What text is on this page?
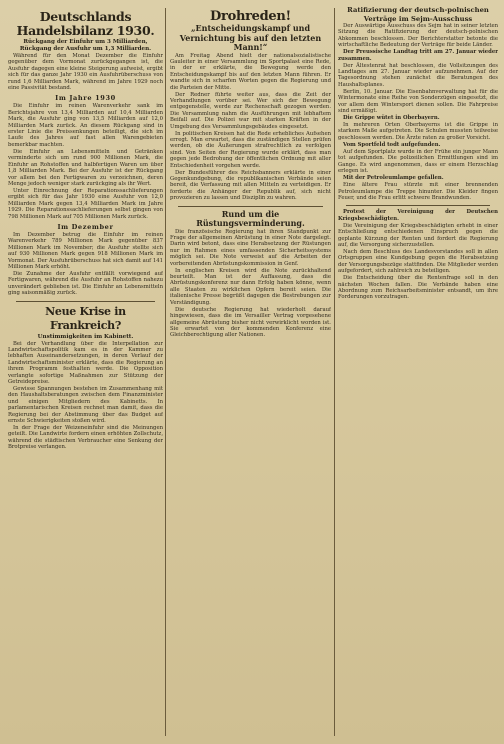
Deutschlands Handelsbilanz 1930.
Rückgang der Einfuhr um 3 Milliarden, Rückgang der Ausfuhr um 1,3 Milliarden.

Während für den Monat Dezember die Einfuhr gegenüber dem Vormonat zurückgegangen ist, die Ausfuhr dagegen eine kleine Steigerung aufweist, ergibt sich für das ganze Jahr 1930 ein Ausfuhrüberschuss von rund 1,6 Milliarden Mark, während im Jahre 1929 noch eine Passivität bestand.

Im Jahre 1930

Die Einfuhr im reinen Warenverkehr sank im Berichtsjahre von 13,4 Milliarden auf 10,4 Milliarden Mark, die Ausfuhr ging von 13,5 Milliarden auf 12,0 Milliarden Mark zurück. An diesem Rückgang sind in erster Linie die Preissenkungen beteiligt, die sich im Laufe des Jahres auf fast allen Warengebieten bemerkbar machten.

Die Einfuhr an Lebensmitteln und Getränken verminderte sich um rund 900 Millionen Mark, die Einfuhr an Rohstoffen und halbfertigen Waren um über 1,8 Milliarden Mark. Bei der Ausfuhr ist der Rückgang vor allem bei den Fertigwaren zu verzeichnen, deren Menge jedoch weniger stark zurückging als ihr Wert.

Unter Einrechnung der Reparationssachlieferungen ergibt sich für das Jahr 1930 eine Ausfuhr von 12,0 Milliarden Mark gegen 13,4 Milliarden Mark im Jahre 1929. Die Reparationssachlieferungen selbst gingen von 798 Millionen Mark auf 705 Millionen Mark zurück.

Im Dezember

Im Dezember betrug die Einfuhr im reinen Warenverkehr 789 Millionen Mark gegenüber 837 Millionen Mark im November; die Ausfuhr stellte sich auf 930 Millionen Mark gegen 918 Millionen Mark im Vormonat. Der Ausfuhrüberschuss hat sich damit auf 141 Millionen Mark erhöht.

Die Zunahme der Ausfuhr entfällt vorwiegend auf Fertigwaren, während die Ausfuhr an Rohstoffen nahezu unverändert geblieben ist. Die Einfuhr an Lebensmitteln ging saisonmäßig zurück.

Neue Krise in Frankreich?
Unstimmigkeiten im Kabinett.

Bei der Verhandlung über die Interpellation zur Landwirtschaftspolitik kam es in der Kammer zu lebhaften Auseinandersetzungen, in deren Verlauf der Landwirtschaftsminister erklärte, dass die Regierung an ihrem Programm festhalten werde. Die Opposition verlangte sofortige Maßnahmen zur Stützung der Getreidepreise.

Gewisse Spannungen bestehen im Zusammenhang mit den Haushaltsberatungen zwischen dem Finanzminister und einigen Mitgliedern des Kabinetts. In parlamentarischen Kreisen rechnet man damit, dass die Regierung bei der Abstimmung über das Budget auf ernste Schwierigkeiten stoßen wird.

In der Frage der Weizeneinfuhr sind die Meinungen geteilt. Die Landwirte fordern einen erhöhten Zollschutz, während die städtischen Verbraucher eine Senkung der Brotpreise verlangen.

Drohreden!
„Entscheidungskampf und Vernichtung bis auf den letzten Mann!“

Am Freitag Abend hielt der nationalsozialistische Gauleiter in einer Versammlung im Sportpalast eine Rede, in der er erklärte, die Bewegung werde den Entscheidungskampf bis auf den letzten Mann führen. Er wandte sich in scharfen Worten gegen die Regierung und die Parteien der Mitte.

Der Redner führte weiter aus, dass die Zeit der Verhandlungen vorüber sei. Wer sich der Bewegung entgegenstelle, werde zur Rechenschaft gezogen werden. Die Versammlung nahm die Ausführungen mit lebhaftem Beifall auf. Die Polizei war mit starken Kräften in der Umgebung des Versammlungsgebäudes eingesetzt.

In politischen Kreisen hat die Rede erhebliches Aufsehen erregt. Man erwartet, dass die zuständigen Stellen prüfen werden, ob die Äußerungen strafrechtlich zu verfolgen sind. Von Seiten der Regierung wurde erklärt, dass man gegen jede Bedrohung der öffentlichen Ordnung mit aller Entschiedenheit vorgehen werde.

Der Bundesführer des Reichsbanners erklärte in einer Gegenkundgebung, die republikanischen Verbände seien bereit, die Verfassung mit allen Mitteln zu verteidigen. Er forderte die Anhänger der Republik auf, sich nicht provozieren zu lassen und Disziplin zu wahren.

Rund um die Rüstungsverminderung.

Die französische Regierung hat ihren Standpunkt zur Frage der allgemeinen Abrüstung in einer Note dargelegt. Darin wird betont, dass eine Herabsetzung der Rüstungen nur im Rahmen eines umfassenden Sicherheitssystems möglich sei. Die Note verweist auf die Arbeiten der vorbereitenden Abrüstungskommission in Genf.

In englischen Kreisen wird die Note zurückhaltend beurteilt. Man ist der Auffassung, dass die Abrüstungskonferenz nur dann Erfolg haben könne, wenn alle Staaten zu wirklichen Opfern bereit seien. Die italienische Presse begrüßt dagegen die Bestrebungen zur Verständigung.

Die deutsche Regierung hat wiederholt darauf hingewiesen, dass die im Versailler Vertrag vorgesehene allgemeine Abrüstung bisher nicht verwirklicht worden ist. Sie erwartet von der kommenden Konferenz eine Gleichberechtigung aller Nationen.

Ratifizierung der deutsch-polnischen Verträge im Sejm-Ausschuss

Der Auswärtige Ausschuss des Sejm hat in seiner letzten Sitzung die Ratifizierung der deutsch-polnischen Abkommen beschlossen. Der Berichterstatter betonte die wirtschaftliche Bedeutung der Verträge für beide Länder.

Der Preussische Landtag tritt am 27. Januar wieder zusammen.

Der Ältestenrat hat beschlossen, die Vollsitzungen des Landtages am 27. Januar wieder aufzunehmen. Auf der Tagesordnung stehen zunächst die Beratungen des Haushaltsplanes.

Berlin, 10. Januar. Die Eisenbahnverwaltung hat für die Wintermonate eine Reihe von Sonderzügen eingesetzt, die vor allem dem Wintersport dienen sollen. Die Fahrpreise sind ermäßigt.

Die Grippe wütet in Oberbayern.

In mehreren Orten Oberbayerns ist die Grippe in starkem Maße aufgetreten. Die Schulen mussten teilweise geschlossen werden. Die Ärzte raten zu großer Vorsicht.

Vom Sportfeld todt aufgefunden.

Auf dem Sportplatz wurde in der Frühe ein junger Mann tot aufgefunden. Die polizeilichen Ermittlungen sind im Gange. Es wird angenommen, dass er einem Herzschlag erlegen ist.

Mit der Petroleumlampe gefallen.

Eine ältere Frau stürzte mit einer brennenden Petroleumlampe die Treppe hinunter. Die Kleider fingen Feuer, und die Frau erlitt schwere Brandwunden.

Protest der Vereinigung der Deutschen Kriegsbeschädigten.

Die Vereinigung der Kriegsbeschädigten erhebt in einer Entschließung entschiedenen Einspruch gegen die geplante Kürzung der Renten und fordert die Regierung auf, die Versorgung sicherzustellen.

Nach dem Beschluss des Landesvorstandes soll in allen Ortsgruppen eine Kundgebung gegen die Herabsetzung der Versorgungsbezüge stattfinden. Die Mitglieder werden aufgefordert, sich zahlreich zu beteiligen.

Die Entscheidung über die Rentenfrage soll in den nächsten Wochen fallen. Die Verbände haben eine Abordnung zum Reichsarbeitsminister entsandt, um ihre Forderungen vorzutragen.
